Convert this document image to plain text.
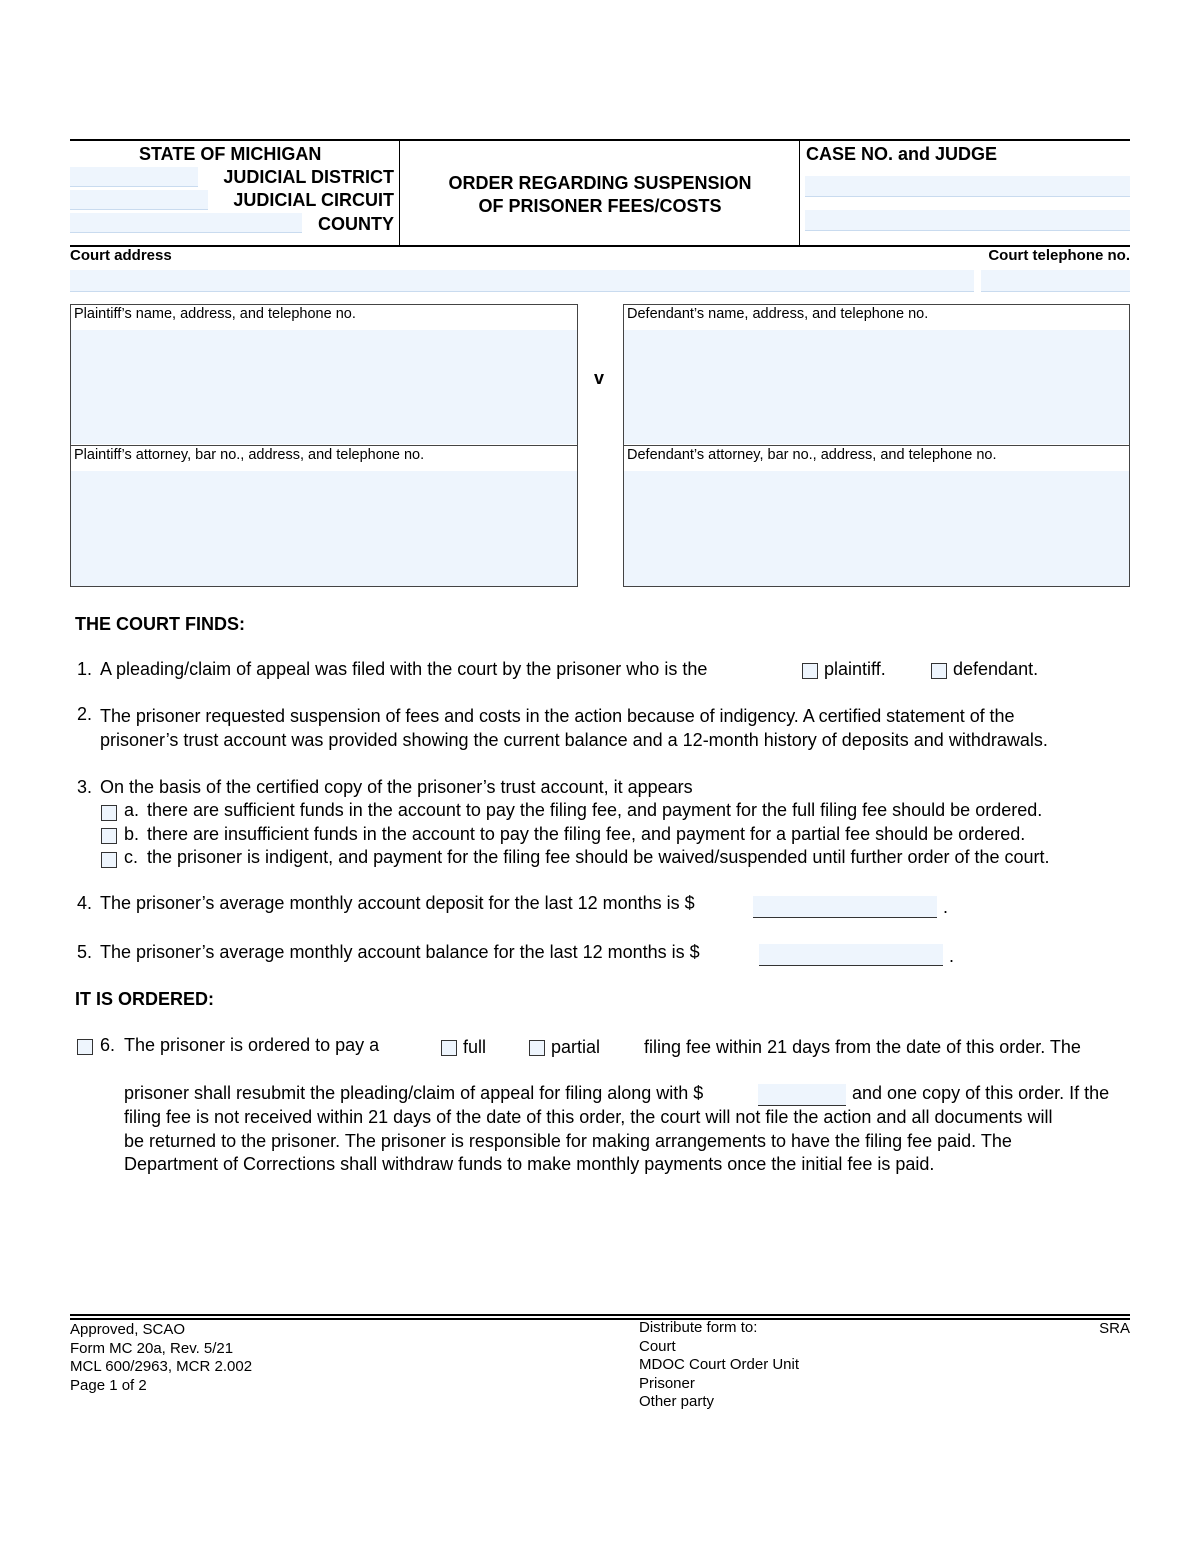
STATE OF MICHIGAN
JUDICIAL DISTRICT
JUDICIAL CIRCUIT
COUNTY
ORDER REGARDING SUSPENSION
OF PRISONER FEES/COSTS
CASE NO. and JUDGE
Court address	Court telephone no.
Plaintiff’s name, address, and telephone no.
Plaintiff’s attorney, bar no., address, and telephone no.
v
Defendant’s name, address, and telephone no.
Defendant’s attorney, bar no., address, and telephone no.
THE COURT FINDS:
1. A pleading/claim of appeal was filed with the court by the prisoner who is the	plaintiff.	defendant.
2. The prisoner requested suspension of fees and costs in the action because of indigency. A certified statement of the
prisoner’s trust account was provided showing the current balance and a 12-month history of deposits and withdrawals.
3. On the basis of the certified copy of the prisoner’s trust account, it appears
a. there are sufficient funds in the account to pay the filing fee, and payment for the full filing fee should be ordered.
b. there are insufficient funds in the account to pay the filing fee, and payment for a partial fee should be ordered.
c. the prisoner is indigent, and payment for the filing fee should be waived/suspended until further order of the court.
4. The prisoner’s average monthly account deposit for the last 12 months is $	.
5. The prisoner’s average monthly account balance for the last 12 months is $	.
IT IS ORDERED:
6. The prisoner is ordered to pay a	full	partial filing fee within 21 days from the date of this order. The
prisoner shall resubmit the pleading/claim of appeal for filing along with $	and one copy of this order. If the
filing fee is not received within 21 days of the date of this order, the court will not file the action and all documents will
be returned to the prisoner. The prisoner is responsible for making arrangements to have the filing fee paid. The
Department of Corrections shall withdraw funds to make monthly payments once the initial fee is paid.
Approved, SCAO
Form MC 20a, Rev. 5/21
MCL 600/2963, MCR 2.002
Page 1 of 2
Distribute form to:
Court
MDOC Court Order Unit
Prisoner
Other party
SRA
